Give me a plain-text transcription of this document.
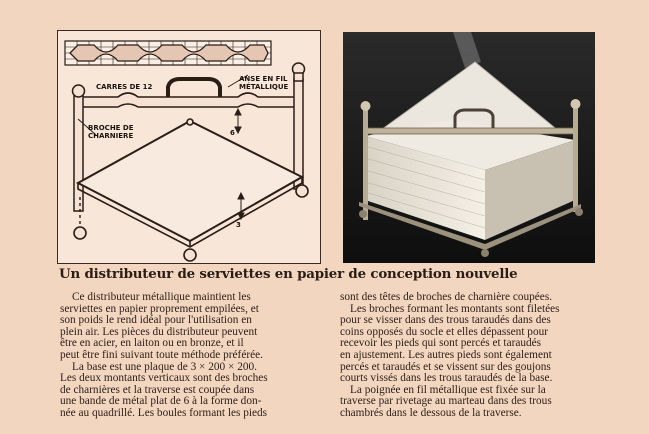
CARRES DE 12
ANSE EN FIL
MÉTALLIQUE
BROCHE DE
CHARNIERE	6
3
Un distributeur de serviettes en papier de conception nouvelle
Ce distributeur métallique maintient les
serviettes en papier proprement empilées, et
son poids le rend idéal pour l'utilisation en
plein air. Les pièces du distributeur peuvent
être en acier, en laiton ou en bronze, et il
peut être fini suivant toute méthode préférée.
La base est une plaque de 3 × 200 × 200.
Les deux montants verticaux sont des broches
de charnières et la traverse est coupée dans
une bande de métal plat de 6 à la forme don-
née au quadrillé. Les boules formant les pieds
sont des têtes de broches de charnière coupées.
Les broches formant les montants sont filetées
pour se visser dans des trous taraudés dans des
coins opposés du socle et elles dépassent pour
recevoir les pieds qui sont percés et taraudés
en ajustement. Les autres pieds sont également
percés et taraudés et se vissent sur des goujons
courts vissés dans les trous taraudés de la base.
La poignée en fil métallique est fixée sur la
traverse par rivetage au marteau dans des trous
chambrés dans le dessous de la traverse.
